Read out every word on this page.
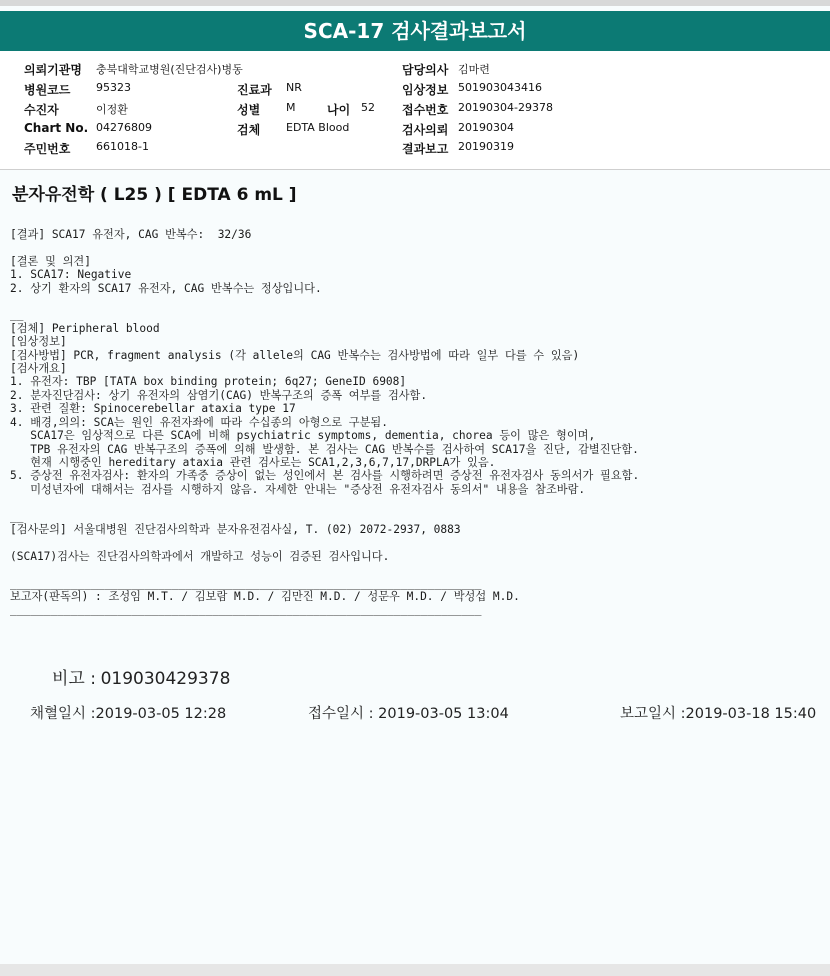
SCA-17 검사결과보고서
의뢰기관명 충북대학교병원(진단검사)병동	담당의사 김마련
병원코드 95323	진료과 NR	임상정보 501903043416
수진자	이정환	성별 M	나이 52 접수번호 20190304-29378
Chart No. 04276809	검체 EDTA Blood	검사의뢰 20190304
주민번호 661018-1	결과보고 20190319
분자유전학 ( L25 ) [ EDTA 6 mL ]
[결과] SCA17 유전자, CAG 반복수:  32/36

[결론 및 의견]
1. SCA17: Negative
2. 상기 환자의 SCA17 유전자, CAG 반복수는 정상입니다.

__
[검체] Peripheral blood
[임상정보]
[검사방법] PCR, fragment analysis (각 allele의 CAG 반복수는 검사방법에 따라 일부 다를 수 있음)
[검사개요]
1. 유전자: TBP [TATA box binding protein; 6q27; GeneID 6908]
2. 분자진단검사: 상기 유전자의 삼염기(CAG) 반복구조의 증폭 여부를 검사함.
3. 관련 질환: Spinocerebellar ataxia type 17
4. 배경,의의: SCA는 원인 유전자좌에 따라 수십종의 아형으로 구분됨.
SCA17은 임상적으로 다른 SCA에 비해 psychiatric symptoms, dementia, chorea 등이 많은 형이며,
TPB 유전자의 CAG 반복구조의 증폭에 의해 발생함. 본 검사는 CAG 반복수를 검사하여 SCA17을 진단, 감별진단함.
현재 시행중인 hereditary ataxia 관련 검사로는 SCA1,2,3,6,7,17,DRPLA가 있음.
5. 증상전 유전자검사: 환자의 가족중 증상이 없는 성인에서 본 검사를 시행하려면 증상전 유전자검사 동의서가 필요함.
미성년자에 대해서는 검사를 시행하지 않음. 자세한 안내는 "증상전 유전자검사 동의서" 내용을 참조바람.

__
[검사문의] 서울대병원 진단검사의학과 분자유전검사실, T. (02) 2072-2937, 0883

(SCA17)검사는 진단검사의학과에서 개발하고 성능이 검증된 검사입니다.

______________________________________________________________________
보고자(판독의) : 조성임 M.T. / 김보람 M.D. / 김만진 M.D. / 성문우 M.D. / 박성섭 M.D.
______________________________________________________________________

비고 : 019030429378
채혈일시 :2019-03-05 12:28	접수일시 : 2019-03-05 13:04	보고일시 :2019-03-18 15:40
